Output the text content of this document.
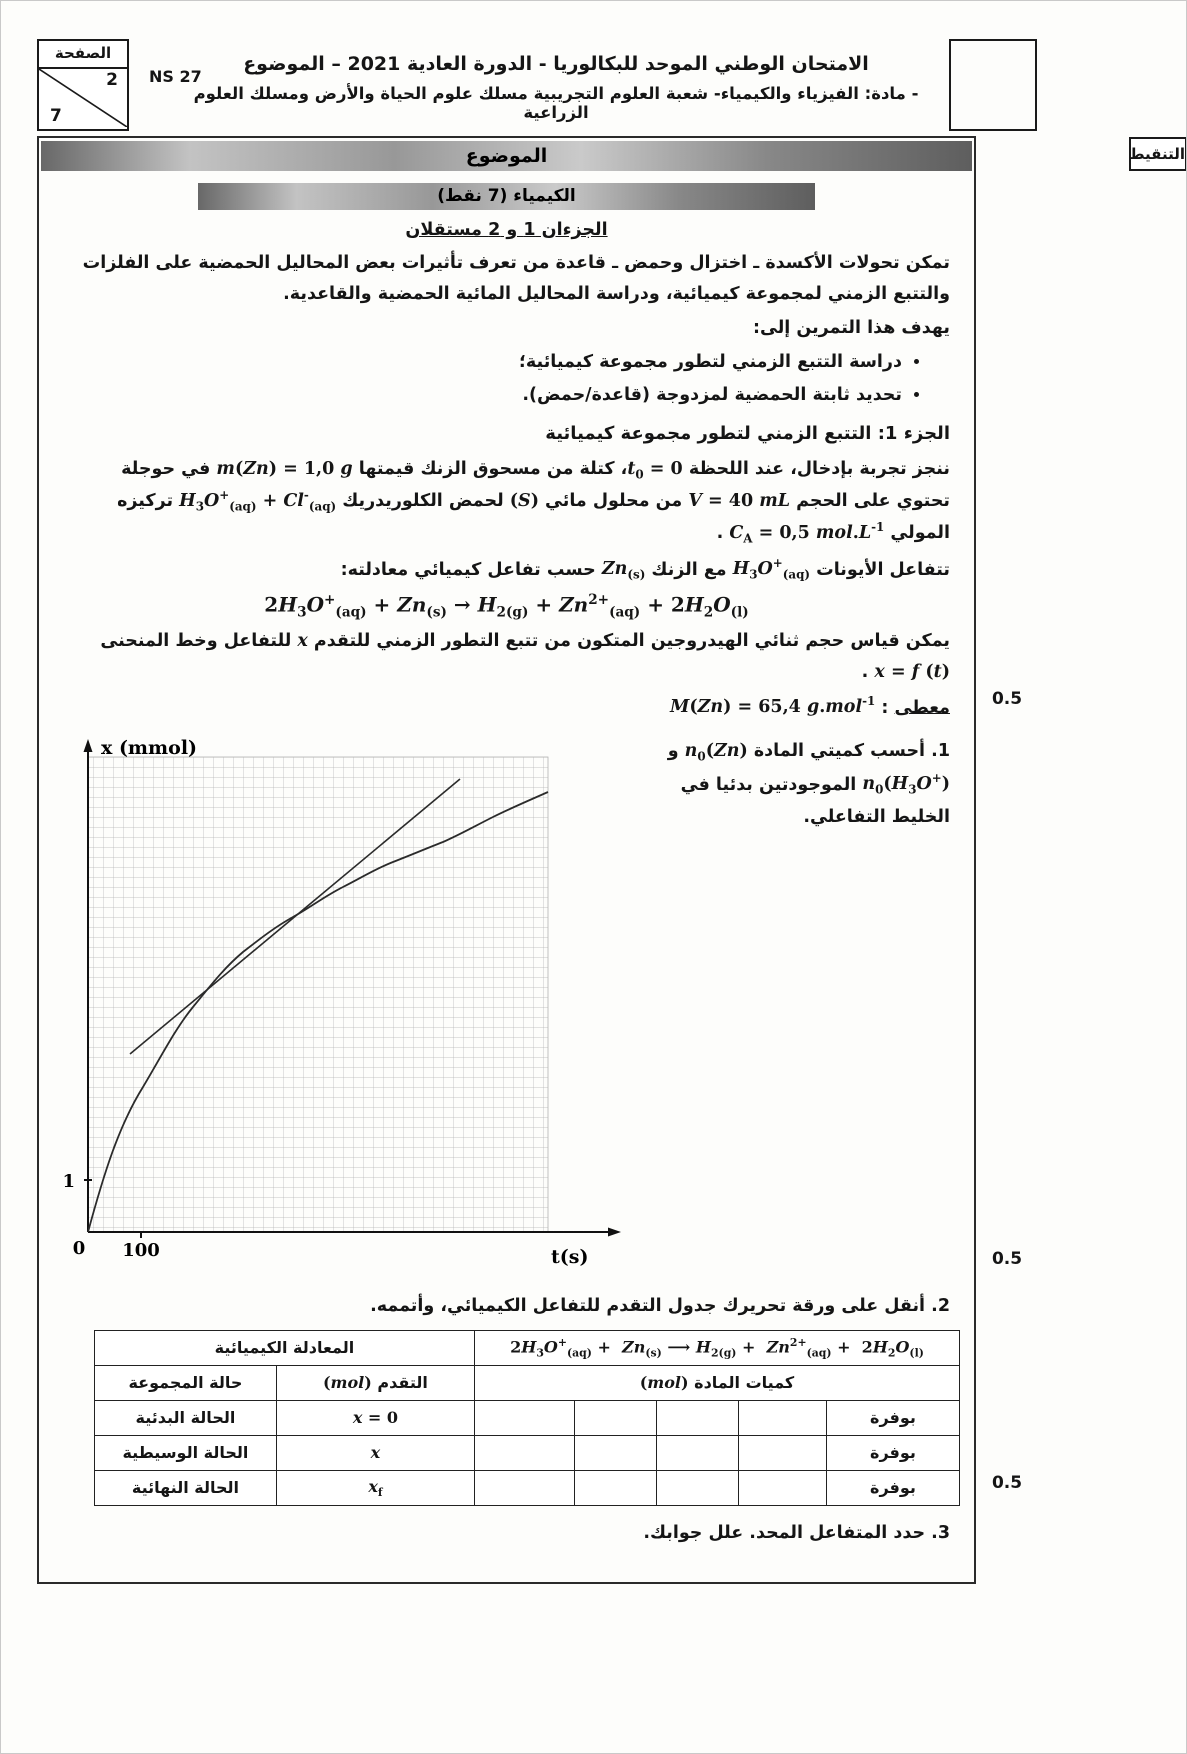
الصفحة
2
7
NS 27
الامتحان الوطني الموحد للبكالوريا - الدورة العادية 2021 – الموضوع
- مادة: الفيزياء والكيمياء- شعبة العلوم التجريبية مسلك علوم الحياة والأرض ومسلك العلوم الزراعية
التنقيط
الموضوع
الكيمياء (7 نقط)
الجزءان 1 و 2 مستقلان

تمكن تحولات الأكسدة ـ اختزال وحمض ـ قاعدة من تعرف تأثيرات بعض المحاليل الحمضية على الفلزات والتتبع الزمني لمجموعة كيميائية، ودراسة المحاليل المائية الحمضية والقاعدية.

يهدف هذا التمرين إلى:

• دراسة التتبع الزمني لتطور مجموعة كيميائية؛
• تحديد ثابتة الحمضية لمزدوجة (قاعدة/حمض).

الجزء 1: التتبع الزمني لتطور مجموعة كيميائية

ننجز تجربة بإدخال، عند اللحظة $t_0$ = 0، كتلة من مسحوق الزنك قيمتها m(Zn) = 1,0 g في حوجلة تحتوي على الحجم V = 40 mL من محلول مائي (S) لحمض الكلوريدريك $H_3O^+_{(aq)} + Cl^-_{(aq)}$ تركيزه المولي $C_A = 0,5$ $mol.L^{-1}$ .

تتفاعل الأيونات $H_3O^+_{(aq)}$ مع الزنك $Zn_{(s)}$ حسب تفاعل كيميائي معادلته:

$2H_3O^+_{(aq)} + Zn_{(s)} \to H_{2(g)} + Zn^{2+}_{(aq)} + 2H_2O_{(l)}$

يمكن قياس حجم ثنائي الهيدروجين المتكون من تتبع التطور الزمني للتقدم x للتفاعل وخط المنحنى x = f (t) .

معطى : M(Zn) = 65,4 g.mol$^{-1}$

1. أحسب كميتي المادة $n_0(Zn)$ و $n_0(H_3O^+)$ الموجودتين بدئيا في الخليط التفاعلي.
x (mmol)
t(s)
1
0 100

2. أنقل على ورقة تحريرك جدول التقدم للتفاعل الكيميائي، وأتممه.

المعادلة الكيميائية		$2H_3O^+_{(aq)} + Zn_{(s)}$ ⟶ $H_{2(g)} + Zn^{2+}_{(aq)} + 2H_2O_{(l)}$
حالة المجموعة	التقدم (mol)	كميات المادة (mol)				
الحالة البدئية	x = 0					بوفرة
الحالة الوسيطية	x					بوفرة
الحالة النهائية	$x_f$					بوفرة

3. حدد المتفاعل المحد. علل جوابك.

0.5
0.5
0.5
